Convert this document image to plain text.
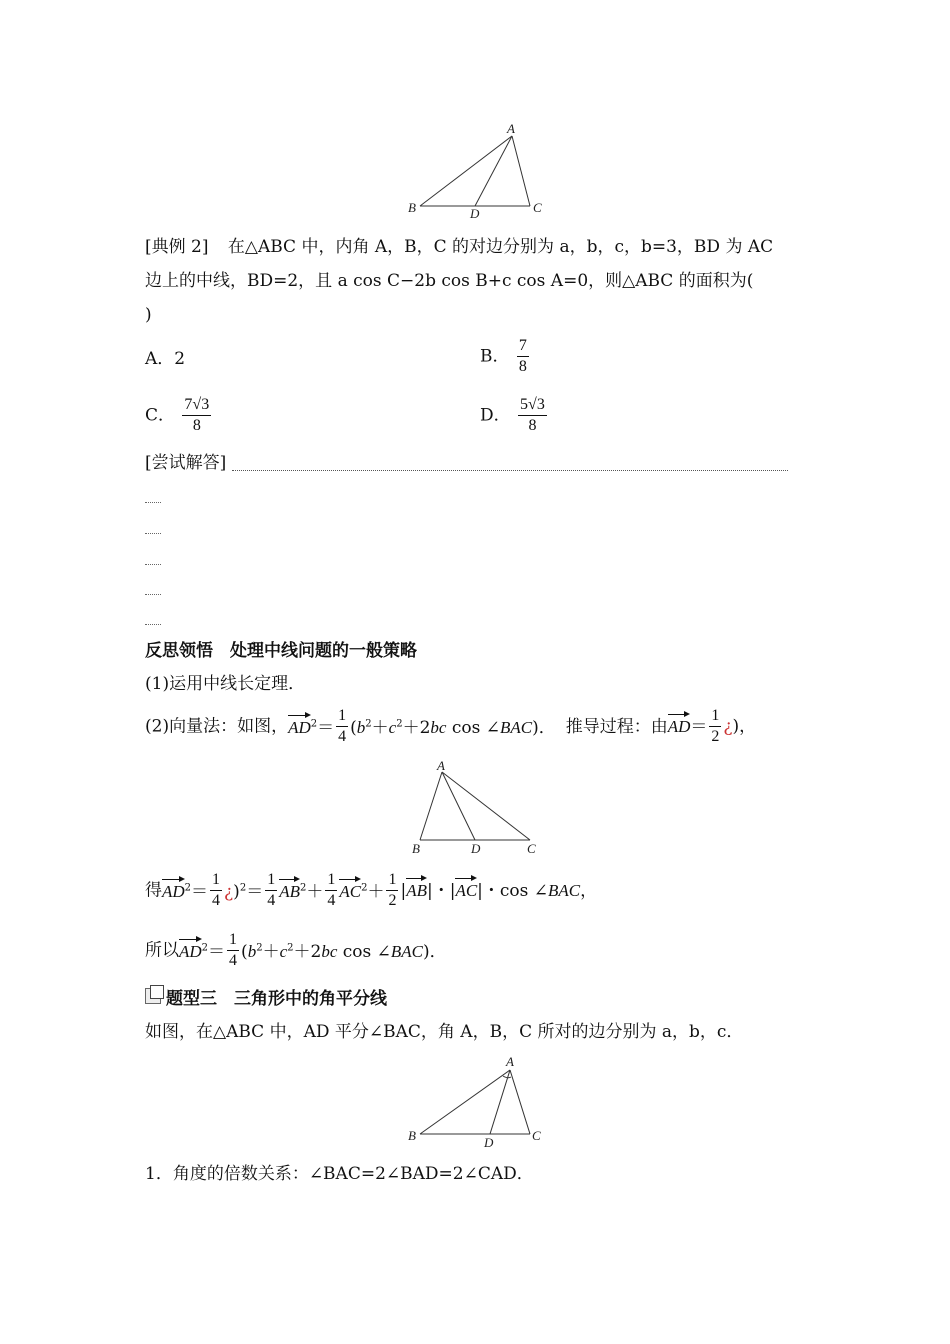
A
B	D	C
[典例 2] 在△ABC 中，内角 A，B，C 的对边分别为 a，b，c，b=3，BD 为 AC
边上的中线，BD=2，且 a cos C−2b cos B+c cos A=0，则△ABC 的面积为(
)
A．2	B． $\frac{7}{8}$
C． $\frac{7√3}{8}$	D． $\frac{5√3}{8}$
[尝试解答]
反思领悟　处理中线问题的一般策略
(1)运用中线长定理．
(2)向量法：如图，$AD^2= \frac{1}{4} (b^2+c^2+2bc$ cos ∠BAC)． 推导过程：由$AD= \frac{1}{2}$ ¿)，
A
B	D	C
得$AD^2= \frac{1}{4}$ ¿)$^2= \frac{1}{4} AB^2+ \frac{1}{4} AC^2+ \frac{1}{2} |AB|$・|AC|・cos ∠BAC，
所以$AD^2= \frac{1}{4} (b^2+c^2+2bc$ cos ∠BAC)．
题型三　三角形中的角平分线
如图，在△ABC 中，AD 平分∠BAC，角 A，B，C 所对的边分别为 a，b，c．
A
B	D	C
1．角度的倍数关系：∠BAC=2∠BAD=2∠CAD．
